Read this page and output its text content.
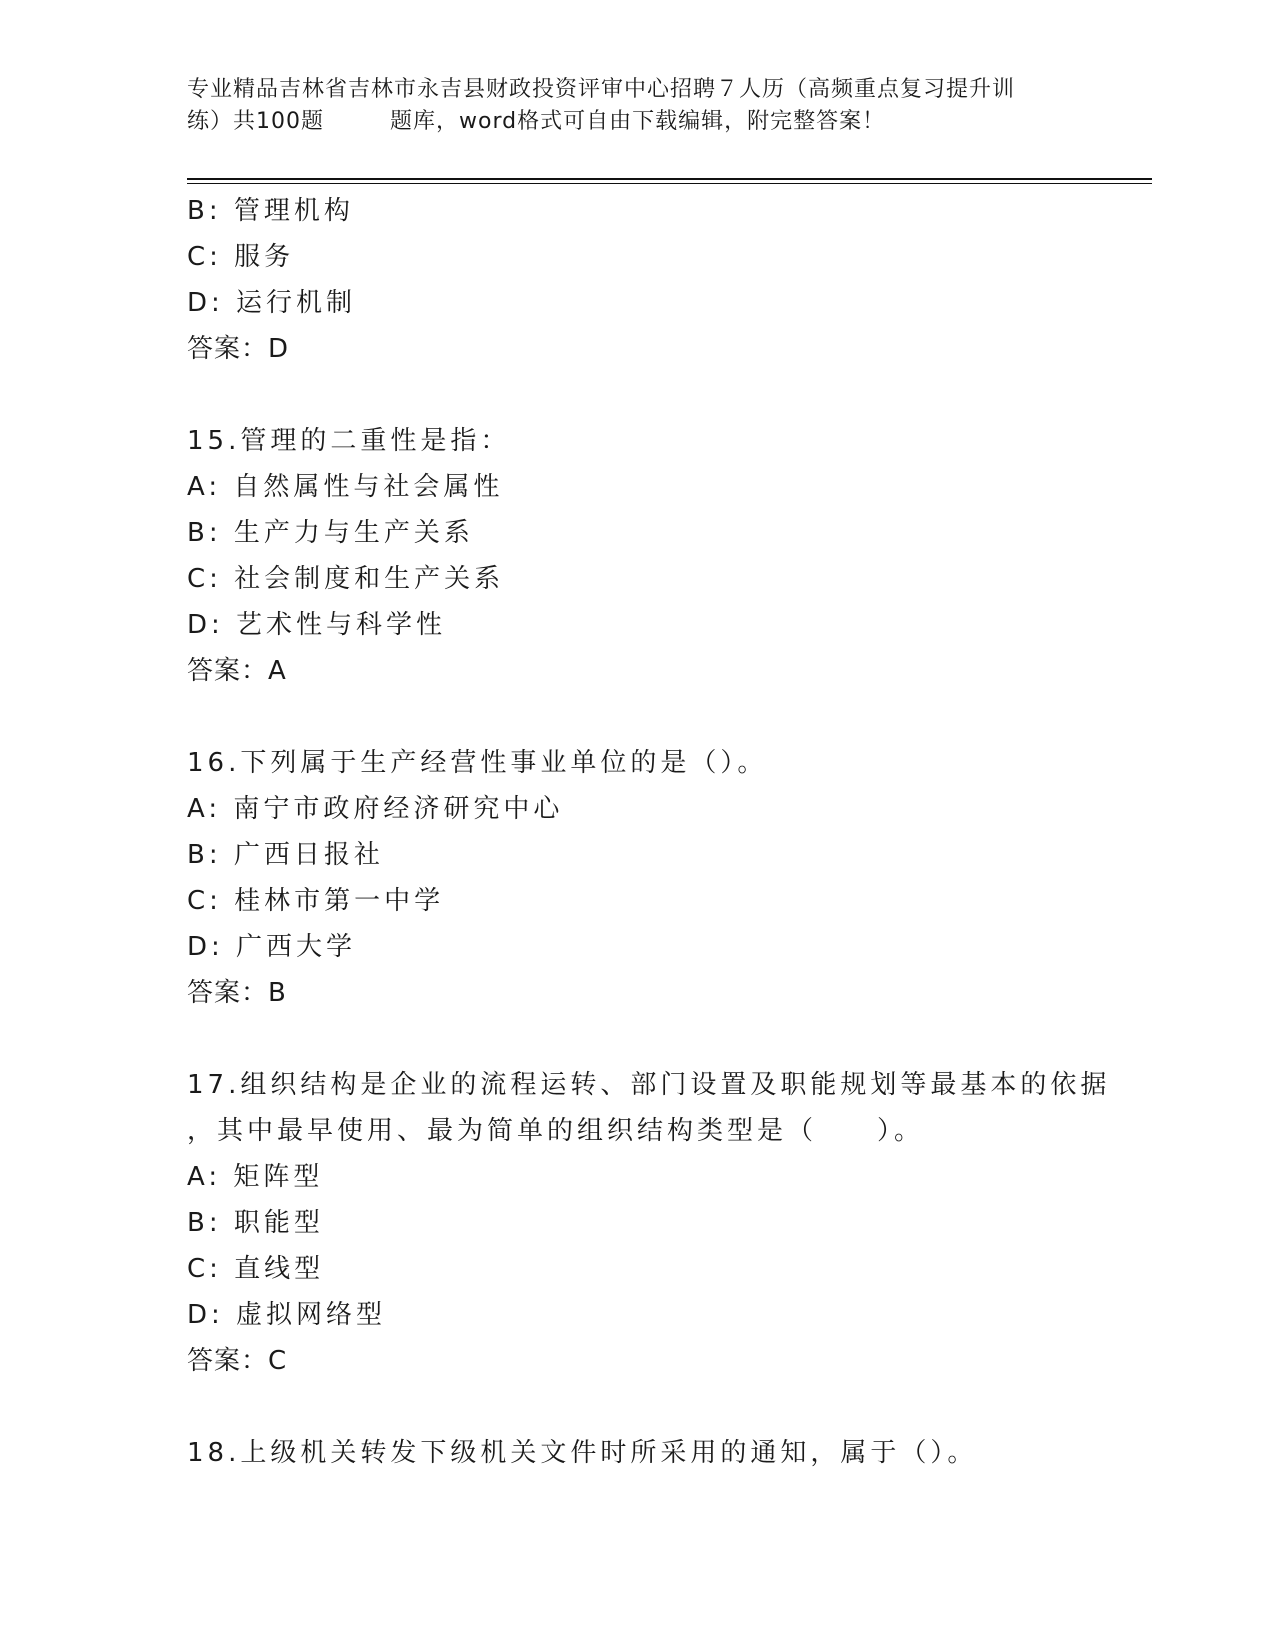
专业精品吉林省吉林市永吉县财政投资评审中心招聘７人历（高频重点复习提升训
练）共100题	题库，word格式可自由下载编辑，附完整答案！
B: 管理机构
C: 服务
D: 运行机制
答案：D
15.管理的二重性是指：
A: 自然属性与社会属性
B: 生产力与生产关系
C: 社会制度和生产关系
D: 艺术性与科学性
答案：A
16.下列属于生产经营性事业单位的是（）。
A: 南宁市政府经济研究中心
B: 广西日报社
C: 桂林市第一中学
D: 广西大学
答案：B
17.组织结构是企业的流程运转、部门设置及职能规划等最基本的依据
，其中最早使用、最为简单的组织结构类型是（　　）。
A: 矩阵型
B: 职能型
C: 直线型
D: 虚拟网络型
答案：C
18.上级机关转发下级机关文件时所采用的通知，属于（）。
